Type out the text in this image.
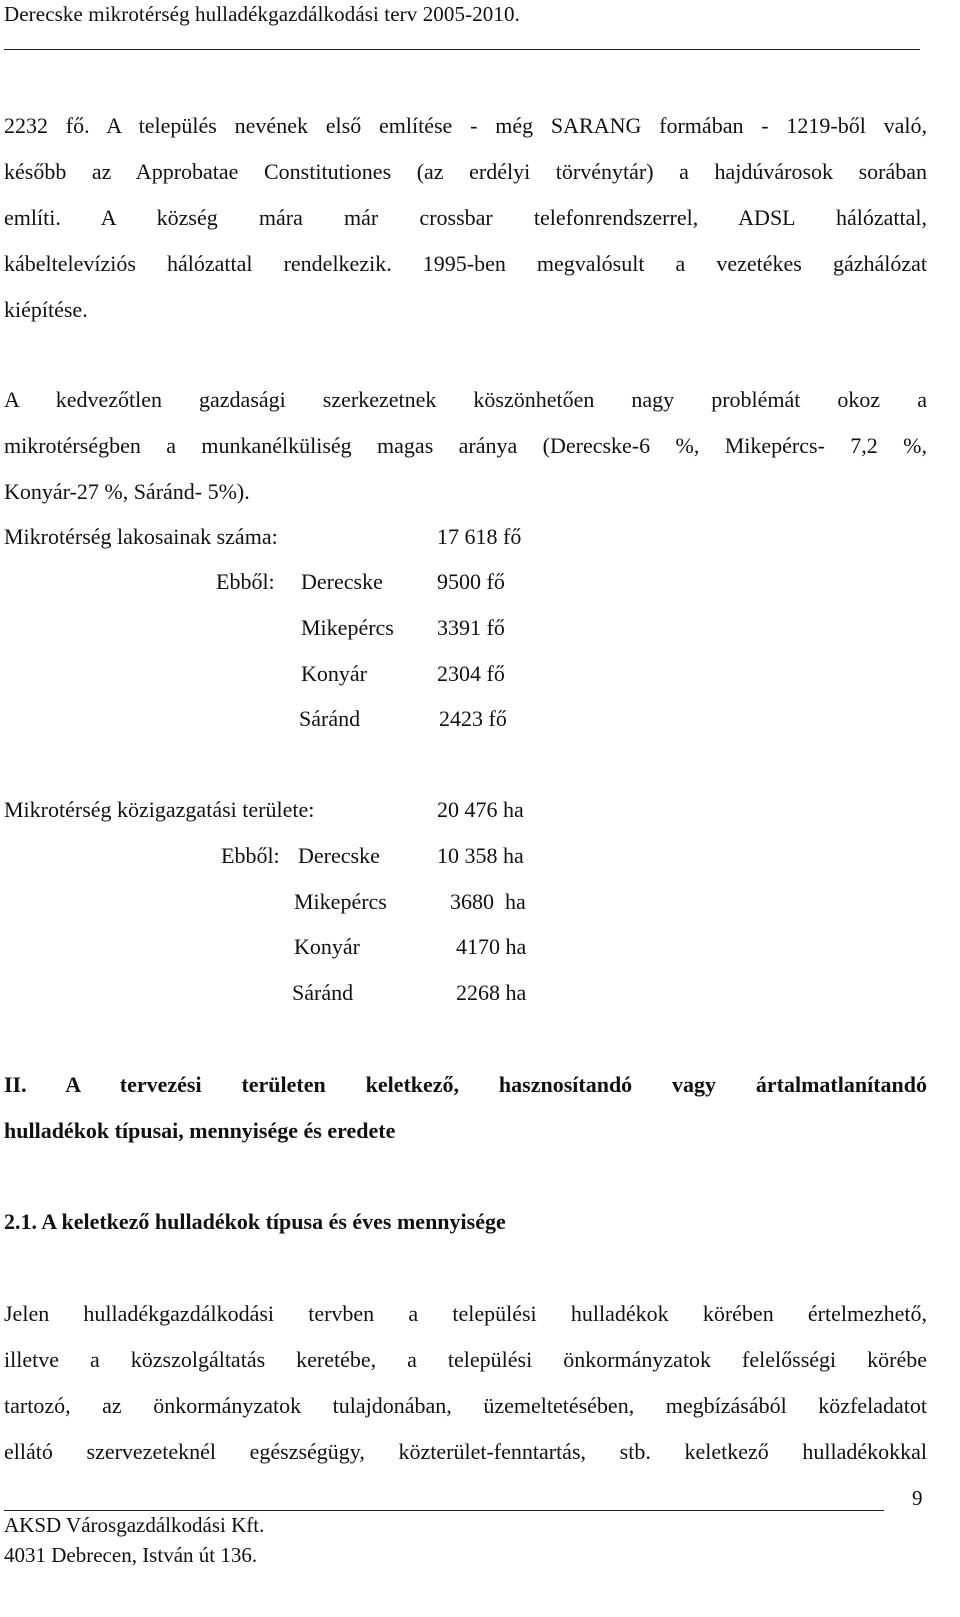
Derecske mikrotérség hulladékgazdálkodási terv 2005-2010.
2232 fő. A település nevének első említése - még SARANG formában - 1219-ből való,
később az Approbatae Constitutiones (az erdélyi törvénytár) a hajdúvárosok sorában
említi. A község mára már crossbar telefonrendszerrel, ADSL hálózattal,
kábeltelevíziós hálózattal rendelkezik. 1995-ben megvalósult a vezetékes gázhálózat
kiépítése.
A kedvezőtlen gazdasági szerkezetnek köszönhetően nagy problémát okoz a
mikrotérségben a munkanélküliség magas aránya (Derecske-6 %, Mikepércs- 7,2 %,
Konyár-27 %, Sáránd- 5%).
Mikrotérség lakosainak száma:	17 618 fő
Ebből: Derecske 9500 fő
Mikepércs 3391 fő
Konyár	2304 fő
Sáránd	2423 fő
Mikrotérség közigazgatási területe:	20 476 ha
Ebből: Derecske	10 358 ha
Mikepércs	3680  ha
Konyár	4170 ha
Sáránd	2268 ha
II. A tervezési területen keletkező, hasznosítandó vagy ártalmatlanítandó
hulladékok típusai, mennyisége és eredete
2.1. A keletkező hulladékok típusa és éves mennyisége
Jelen hulladékgazdálkodási tervben a települési hulladékok körében értelmezhető,
illetve a közszolgáltatás keretébe, a települési önkormányzatok felelősségi körébe
tartozó, az önkormányzatok tulajdonában, üzemeltetésében, megbízásából közfeladatot
ellátó szervezeteknél egészségügy, közterület-fenntartás, stb. keletkező hulladékokkal
9
AKSD Városgazdálkodási Kft.
4031 Debrecen, István út 136.
